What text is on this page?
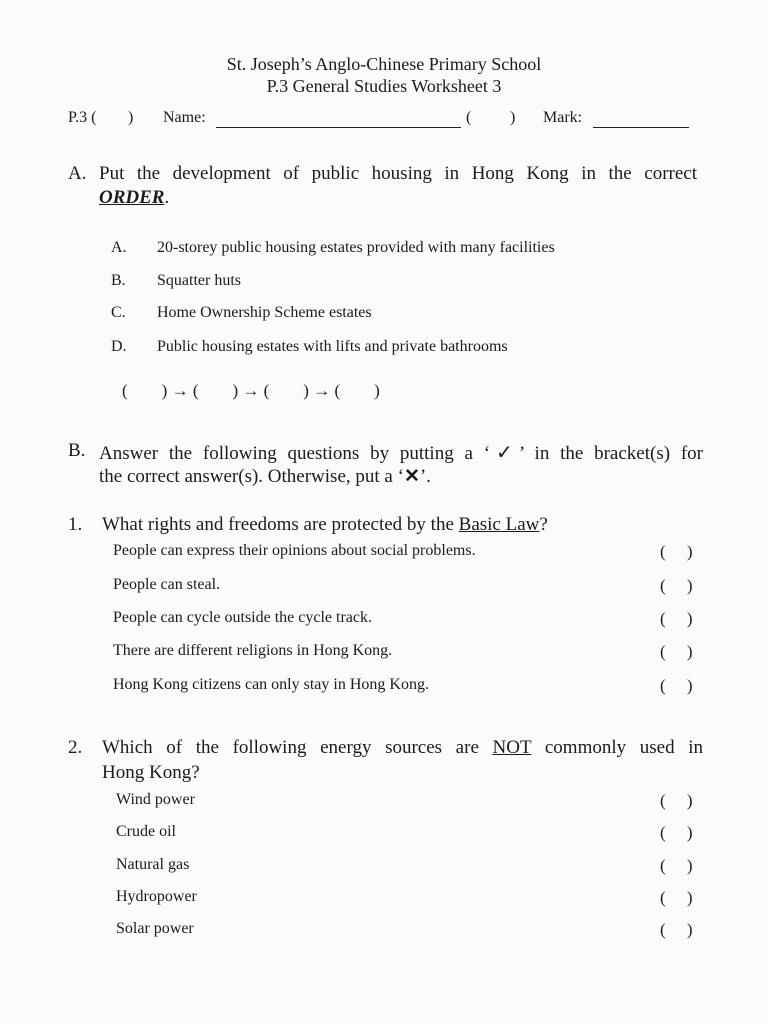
St. Joseph’s Anglo-Chinese Primary School
P.3 General Studies Worksheet 3
P.3 ( ) Name:	( ) Mark:
A. Put the development of public housing in Hong Kong in the correct
ORDER.
A. 20-storey public housing estates provided with many facilities
B. Squatter huts
C. Home Ownership Scheme estates
D. Public housing estates with lifts and private bathrooms
(        ) → (        ) → (        ) → (        )
B. Answer the following questions by putting a ‘✓’ in the bracket(s) for
the correct answer(s). Otherwise, put a ‘✕’.
1. What rights and freedoms are protected by the Basic Law?
People can express their opinions about social problems.	(     )
People can steal.	(     )
People can cycle outside the cycle track.	(     )
There are different religions in Hong Kong.	(     )
Hong Kong citizens can only stay in Hong Kong.	(     )
2. Which of the following energy sources are NOT commonly used in
Hong Kong?
Wind power	(     )
Crude oil	(     )
Natural gas	(     )
Hydropower	(     )
Solar power	(     )
